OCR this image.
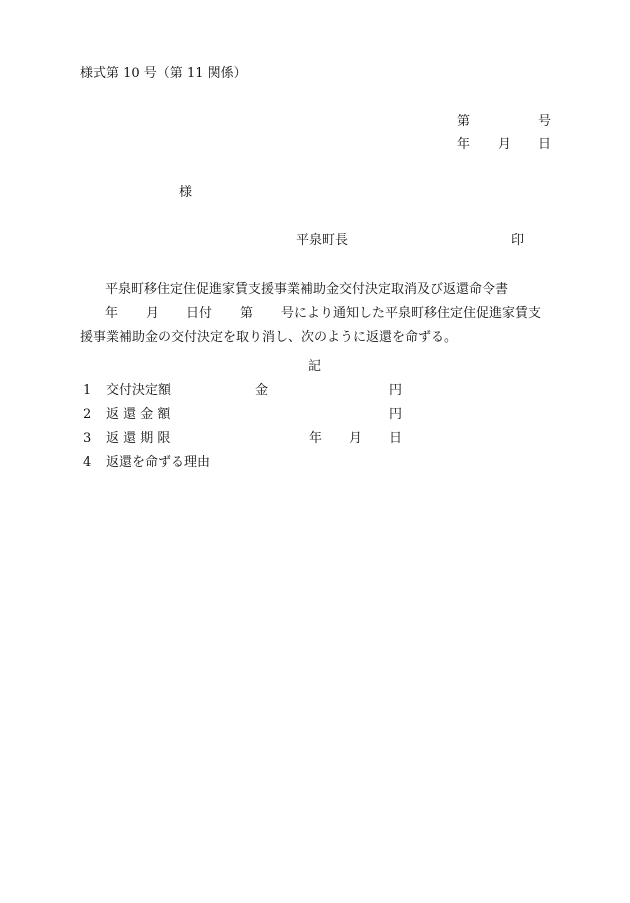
様式第 10 号（第 11 関係）
第	号
年 月 日
様
平泉町長	印
平泉町移住定住促進家賃支援事業補助金交付決定取消及び返還命令書
年 月 日付 第 号により通知した平泉町移住定住促進家賃支
援事業補助金の交付決定を取り消し、次のように返還を命ずる。
記
1 交付決定額	金	円
2 返 還 金 額	円
3 返 還 期 限	年 月 日
4 返還を命ずる理由
